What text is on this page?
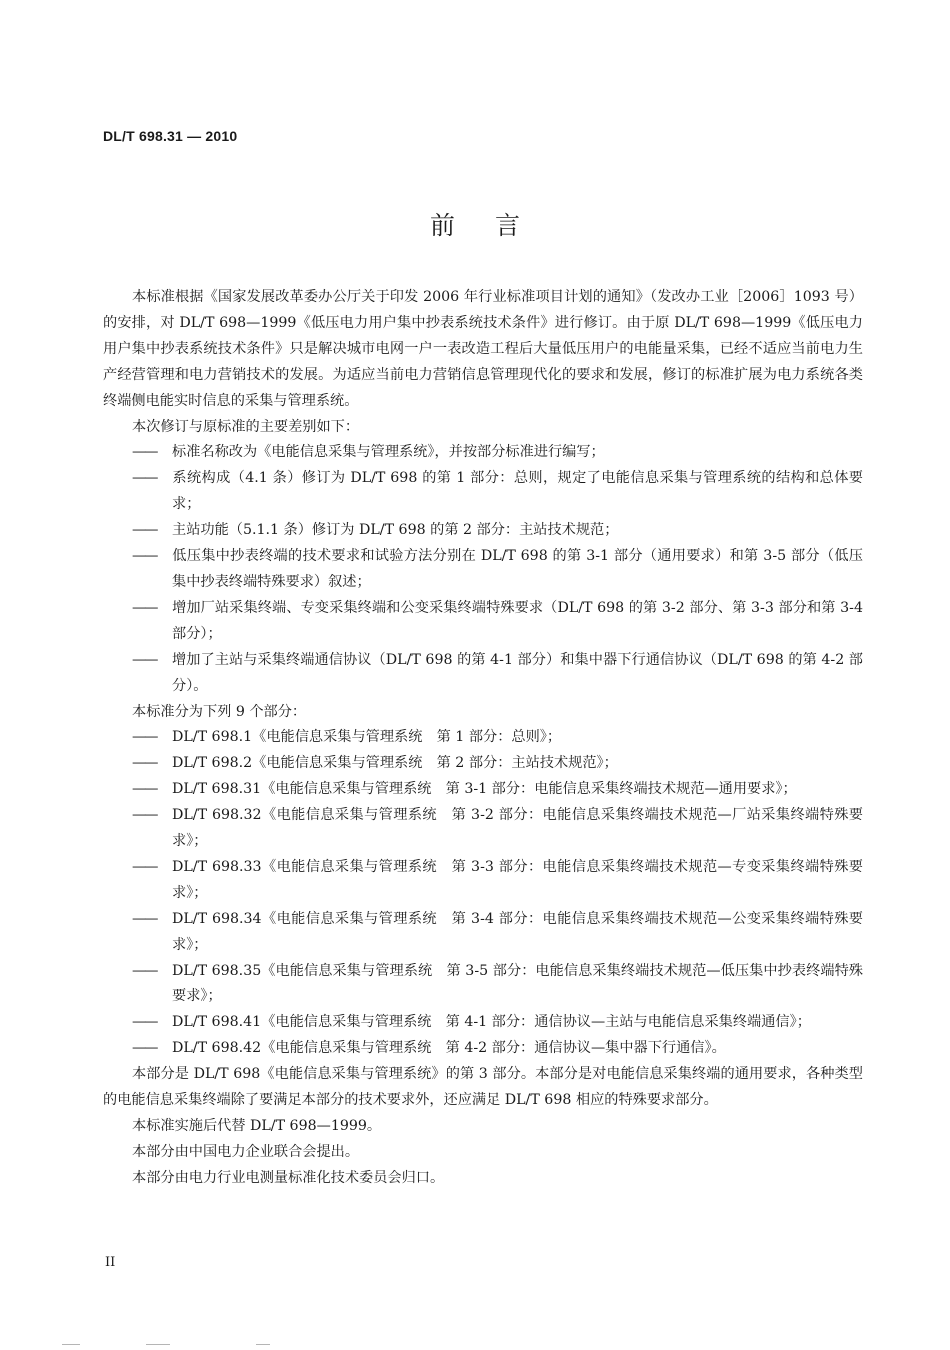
DL/T 698.31 — 2010
前言

本标准根据《国家发展改革委办公厅关于印发 2006 年行业标准项目计划的通知》（发改办工业［2006］1093 号）的安排，对 DL/T 698—1999《低压电力用户集中抄表系统技术条件》进行修订。由于原 DL/T 698—1999《低压电力用户集中抄表系统技术条件》只是解决城市电网一户一表改造工程后大量低压用户的电能量采集，已经不适应当前电力生产经营管理和电力营销技术的发展。为适应当前电力营销信息管理现代化的要求和发展，修订的标准扩展为电力系统各类终端侧电能实时信息的采集与管理系统。

本次修订与原标准的主要差别如下：

——标准名称改为《电能信息采集与管理系统》，并按部分标准进行编写；

——系统构成（4.1 条）修订为 DL/T 698 的第 1 部分：总则，规定了电能信息采集与管理系统的结构和总体要求；

——主站功能（5.1.1 条）修订为 DL/T 698 的第 2 部分：主站技术规范；

——低压集中抄表终端的技术要求和试验方法分别在 DL/T 698 的第 3-1 部分（通用要求）和第 3-5 部分（低压集中抄表终端特殊要求）叙述；

——增加厂站采集终端、专变采集终端和公变采集终端特殊要求（DL/T 698 的第 3-2 部分、第 3-3 部分和第 3-4 部分）；

——增加了主站与采集终端通信协议（DL/T 698 的第 4-1 部分）和集中器下行通信协议（DL/T 698 的第 4-2 部分）。

本标准分为下列 9 个部分：

——DL/T 698.1《电能信息采集与管理系统　第 1 部分：总则》；

——DL/T 698.2《电能信息采集与管理系统　第 2 部分：主站技术规范》；

——DL/T 698.31《电能信息采集与管理系统　第 3-1 部分：电能信息采集终端技术规范—通用要求》；

——DL/T 698.32《电能信息采集与管理系统　第 3-2 部分：电能信息采集终端技术规范—厂站采集终端特殊要求》；

——DL/T 698.33《电能信息采集与管理系统　第 3-3 部分：电能信息采集终端技术规范—专变采集终端特殊要求》；

——DL/T 698.34《电能信息采集与管理系统　第 3-4 部分：电能信息采集终端技术规范—公变采集终端特殊要求》；

——DL/T 698.35《电能信息采集与管理系统　第 3-5 部分：电能信息采集终端技术规范—低压集中抄表终端特殊要求》；

——DL/T 698.41《电能信息采集与管理系统　第 4-1 部分：通信协议—主站与电能信息采集终端通信》；

——DL/T 698.42《电能信息采集与管理系统　第 4-2 部分：通信协议—集中器下行通信》。

本部分是 DL/T 698《电能信息采集与管理系统》的第 3 部分。本部分是对电能信息采集终端的通用要求，各种类型的电能信息采集终端除了要满足本部分的技术要求外，还应满足 DL/T 698 相应的特殊要求部分。

本标准实施后代替 DL/T 698—1999。

本部分由中国电力企业联合会提出。

本部分由电力行业电测量标准化技术委员会归口。

II
